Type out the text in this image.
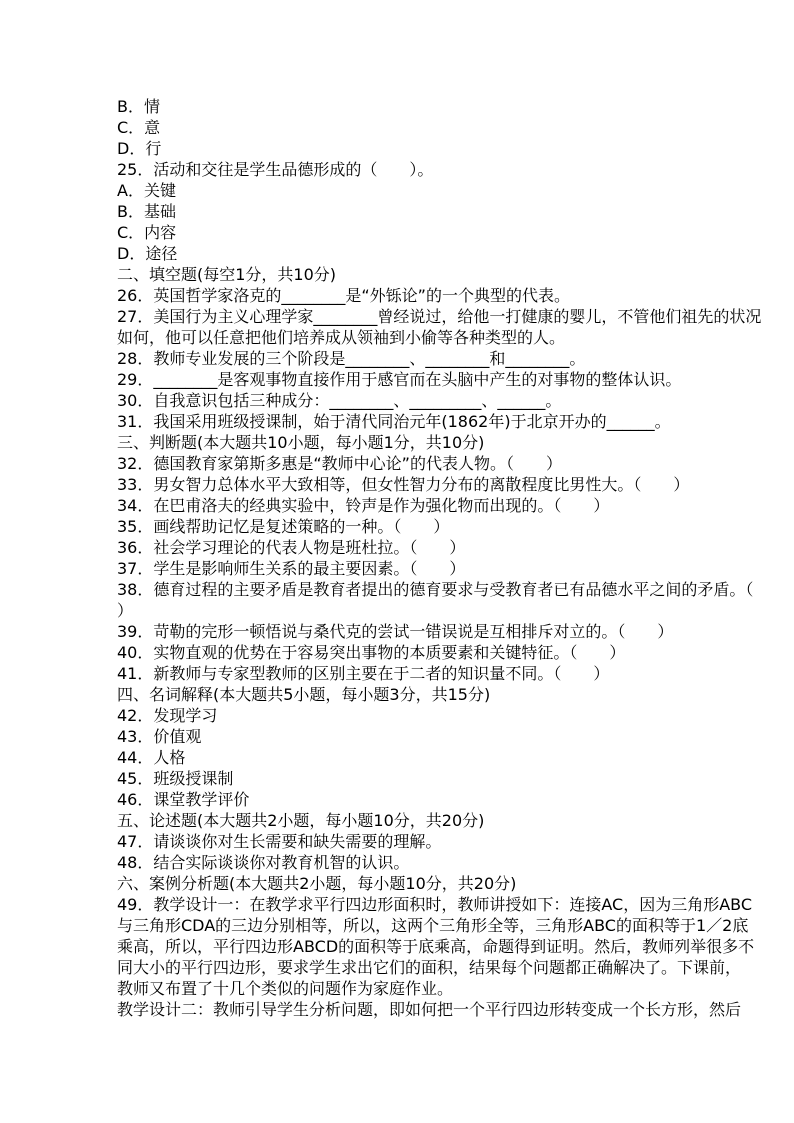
B．情
C．意
D．行
25．活动和交往是学生品德形成的（　　）。
A．关键
B．基础
C．内容
D．途径
二、填空题(每空1分，共10分)
26．英国哲学家洛克的________是“外铄论”的一个典型的代表。
27．美国行为主义心理学家________曾经说过，给他一打健康的婴儿，不管他们祖先的状况
如何，他可以任意把他们培养成从领袖到小偷等各种类型的人。
28．教师专业发展的三个阶段是________、________和________。
29．________是客观事物直接作用于感官而在头脑中产生的对事物的整体认识。
30．自我意识包括三种成分：________、_________、______。
31．我国采用班级授课制，始于清代同治元年(1862年)于北京开办的______。
三、判断题(本大题共10小题，每小题1分，共10分)
32．德国教育家第斯多惠是“教师中心论”的代表人物。（　　）
33．男女智力总体水平大致相等，但女性智力分布的离散程度比男性大。（　　）
34．在巴甫洛夫的经典实验中，铃声是作为强化物而出现的。（　　）
35．画线帮助记忆是复述策略的一种。（　　）
36．社会学习理论的代表人物是班杜拉。（　　）
37．学生是影响师生关系的最主要因素。（　　）
38．德育过程的主要矛盾是教育者提出的德育要求与受教育者已有品德水平之间的矛盾。（
）
39．苛勒的完形一顿悟说与桑代克的尝试一错误说是互相排斥对立的。（　　）
40．实物直观的优势在于容易突出事物的本质要素和关键特征。（　　）
41．新教师与专家型教师的区别主要在于二者的知识量不同。（　　）
四、名词解释(本大题共5小题，每小题3分，共15分)
42．发现学习
43．价值观
44．人格
45．班级授课制
46．课堂教学评价
五、论述题(本大题共2小题，每小题10分，共20分)
47．请谈谈你对生长需要和缺失需要的理解。
48．结合实际谈谈你对教育机智的认识。
六、案例分析题(本大题共2小题，每小题10分，共20分)
49．教学设计一：在教学求平行四边形面积时，教师讲授如下：连接AC，因为三角形ABC
与三角形CDA的三边分别相等，所以，这两个三角形全等，三角形ABC的面积等于1／2底
乘高，所以，平行四边形ABCD的面积等于底乘高，命题得到证明。然后，教师列举很多不
同大小的平行四边形，要求学生求出它们的面积，结果每个问题都正确解决了。下课前，
教师又布置了十几个类似的问题作为家庭作业。
教学设计二：教师引导学生分析问题，即如何把一个平行四边形转变成一个长方形，然后
